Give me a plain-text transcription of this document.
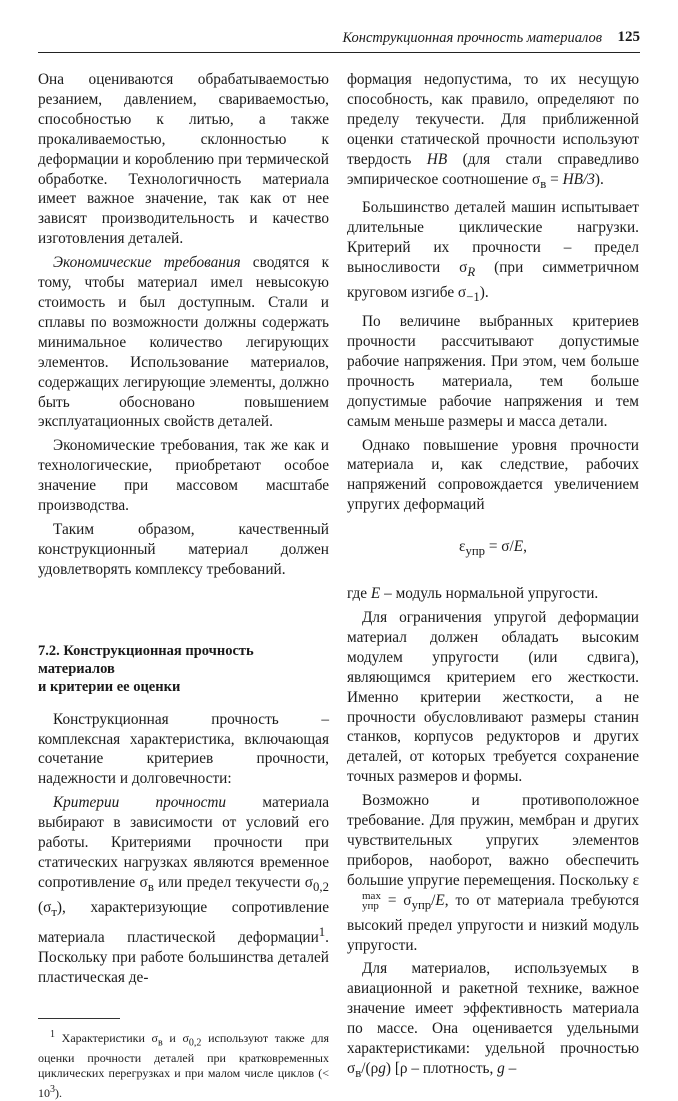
Конструкционная прочность материалов 125

Она оцениваются обрабатываемостью резанием, давлением, свариваемостью, способностью к литью, а также прокаливаемостью, склонностью к деформации и короблению при термической обработке. Технологичность материала имеет важное значение, так как от нее зависят производительность и качество изготовления деталей.

Экономические требования сводятся к тому, чтобы материал имел невысокую стоимость и был доступным. Стали и сплавы по возможности должны содержать минимальное количество легирующих элементов. Использование материалов, содержащих легирующие элементы, должно быть обосновано повышением эксплуатационных свойств деталей.

Экономические требования, так же как и технологические, приобретают особое значение при массовом масштабе производства.

Таким образом, качественный конструкционный материал должен удовлетворять комплексу требований.

7.2. Конструкционная прочность материалов
и критерии ее оценки

Конструкционная прочность – комплексная характеристика, включающая сочетание критериев прочности, надежности и долговечности:

Критерии прочности материала выбирают в зависимости от условий его работы. Критериями прочности при статических нагрузках являются временное сопротивление $\sigma_в$ или предел текучести $\sigma_{0,2}$ $(\sigma_т)$, характеризующие сопротивление материала пластической деформации$^1$. Поскольку при работе большинства деталей пластическая де-

$^1$ Характеристики $\sigma_в$ и $\sigma_{0,2}$ используют также для оценки прочности деталей при кратковременных циклических перегрузках и при малом числе циклов (< $10^3$).

формация недопустима, то их несущую способность, как правило, определяют по пределу текучести. Для приближенной оценки статической прочности используют твердость HB (для стали справедливо эмпирическое соотношение $\sigma_в = HB/3$).

Большинство деталей машин испытывает длительные циклические нагрузки. Критерий их прочности – предел выносливости $\sigma_R$ (при симметричном круговом изгибе $\sigma_{-1}$).

По величине выбранных критериев прочности рассчитывают допустимые рабочие напряжения. При этом, чем больше прочность материала, тем больше допустимые рабочие напряжения и тем самым меньше размеры и масса детали.

Однако повышение уровня прочности материала и, как следствие, рабочих напряжений сопровождается увеличением упругих деформаций

$\varepsilon_{упр} = \sigma/E$,

где E – модуль нормальной упругости.

Для ограничения упругой деформации материал должен обладать высоким модулем упругости (или сдвига), являющимся критерием его жесткости. Именно критерии жесткости, а не прочности обусловливают размеры станин станков, корпусов редукторов и других деталей, от которых требуется сохранение точных размеров и формы.

Возможно и противоположное требование. Для пружин, мембран и других чувствительных упругих элементов приборов, наоборот, важно обеспечить большие упругие перемещения. Поскольку ε
max
упр = $\sigma_{упр}/E$, то от материала требуются высокий предел упругости и низкий модуль упругости.

Для материалов, используемых в авиационной и ракетной технике, важное значение имеет эффективность материала по массе. Она оценивается удельными характеристиками: удельной прочностью $\sigma_в/(\rho g)$ [ρ – плотность, g –
